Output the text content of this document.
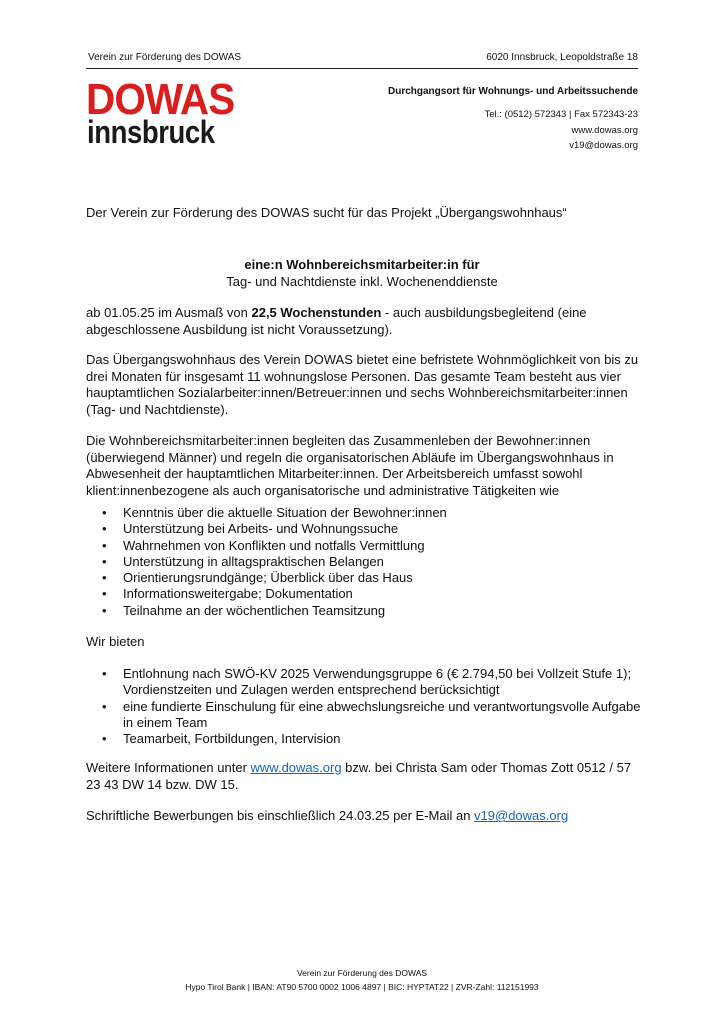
Verein zur Förderung des DOWAS	6020 Innsbruck, Leopoldstraße 18
DOWAS
innsbruck
Durchgangsort für Wohnungs- und Arbeitssuchende
Tel.: (0512) 572343 | Fax 572343-23
www.dowas.org
v19@dowas.org
Der Verein zur Förderung des DOWAS sucht für das Projekt „Übergangswohnhaus“
eine:n Wohnbereichsmitarbeiter:in für
Tag- und Nachtdienste inkl. Wochenenddienste
ab 01.05.25 im Ausmaß von 22,5 Wochenstunden - auch ausbildungsbegleitend (eine abgeschlossene Ausbildung ist nicht Voraussetzung).
Das Übergangswohnhaus des Verein DOWAS bietet eine befristete Wohnmöglichkeit von bis zu drei Monaten für insgesamt 11 wohnungslose Personen. Das gesamte Team besteht aus vier hauptamtlichen Sozialarbeiter:innen/Betreuer:innen und sechs Wohnbereichsmitarbeiter:innen (Tag- und Nachtdienste).
Die Wohnbereichsmitarbeiter:innen begleiten das Zusammenleben der Bewohner:innen (überwiegend Männer) und regeln die organisatorischen Abläufe im Übergangswohnhaus in Abwesenheit der hauptamtlichen Mitarbeiter:innen. Der Arbeitsbereich umfasst sowohl klient:innenbezogene als auch organisatorische und administrative Tätigkeiten wie
• Kenntnis über die aktuelle Situation der Bewohner:innen
• Unterstützung bei Arbeits- und Wohnungssuche
• Wahrnehmen von Konflikten und notfalls Vermittlung
• Unterstützung in alltagspraktischen Belangen
• Orientierungsrundgänge; Überblick über das Haus
• Informationsweitergabe; Dokumentation
• Teilnahme an der wöchentlichen Teamsitzung
Wir bieten
• Entlohnung nach SWÖ-KV 2025 Verwendungsgruppe 6 (€ 2.794,50 bei Vollzeit Stufe 1); Vordienstzeiten und Zulagen werden entsprechend berücksichtigt
• eine fundierte Einschulung für eine abwechslungsreiche und verantwortungsvolle Aufgabe in einem Team
• Teamarbeit, Fortbildungen, Intervision
Weitere Informationen unter www.dowas.org bzw. bei Christa Sam oder Thomas Zott 0512 / 57 23 43 DW 14 bzw. DW 15.
Schriftliche Bewerbungen bis einschließlich 24.03.25 per E-Mail an v19@dowas.org
Verein zur Förderung des DOWAS
Hypo Tirol Bank | IBAN: AT90 5700 0002 1006 4897 | BIC: HYPTAT22 | ZVR-Zahl: 112151993
